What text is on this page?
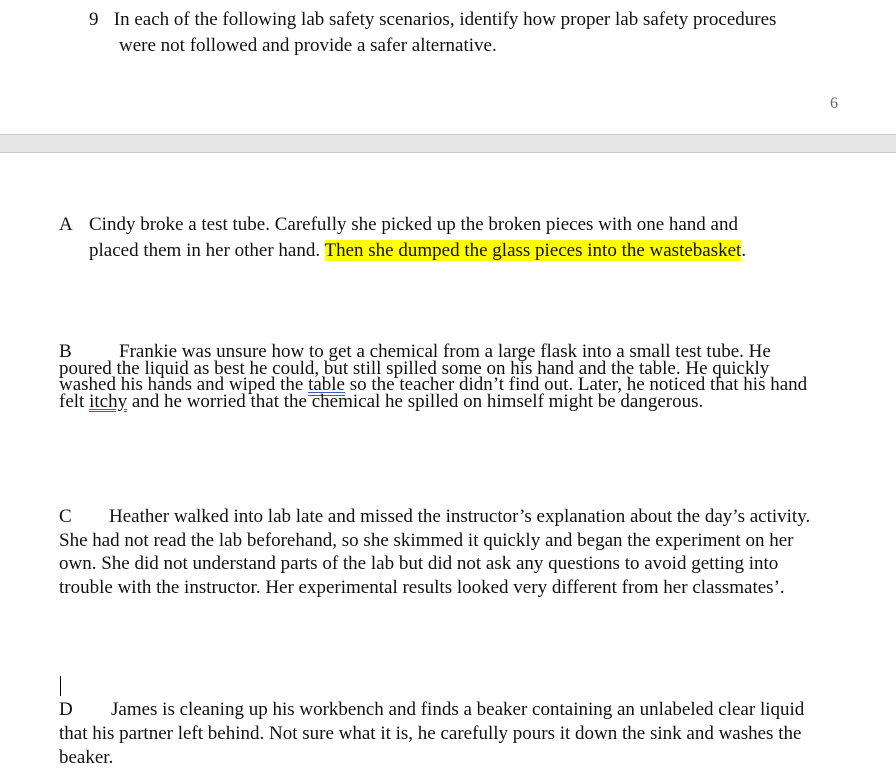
9 In each of the following lab safety scenarios, identify how proper lab safety procedures
were not followed and provide a safer alternative.
6
A Cindy broke a test tube. Carefully she picked up the broken pieces with one hand and
placed them in her other hand. Then she dumped the glass pieces into the wastebasket.
B Frankie was unsure how to get a chemical from a large flask into a small test tube. He poured the liquid as best he could, but still spilled some on his hand and the table. He quickly washed his hands and wiped the table so the teacher didn’t find out. Later, he noticed that his hand felt itchy and he worried that the chemical he spilled on himself might be dangerous.
C Heather walked into lab late and missed the instructor’s explanation about the day’s activity. She had not read the lab beforehand, so she skimmed it quickly and began the experiment on her own. She did not understand parts of the lab but did not ask any questions to avoid getting into trouble with the instructor. Her experimental results looked very different from her classmates’.
D James is cleaning up his workbench and finds a beaker containing an unlabeled clear liquid that his partner left behind. Not sure what it is, he carefully pours it down the sink and washes the beaker.
